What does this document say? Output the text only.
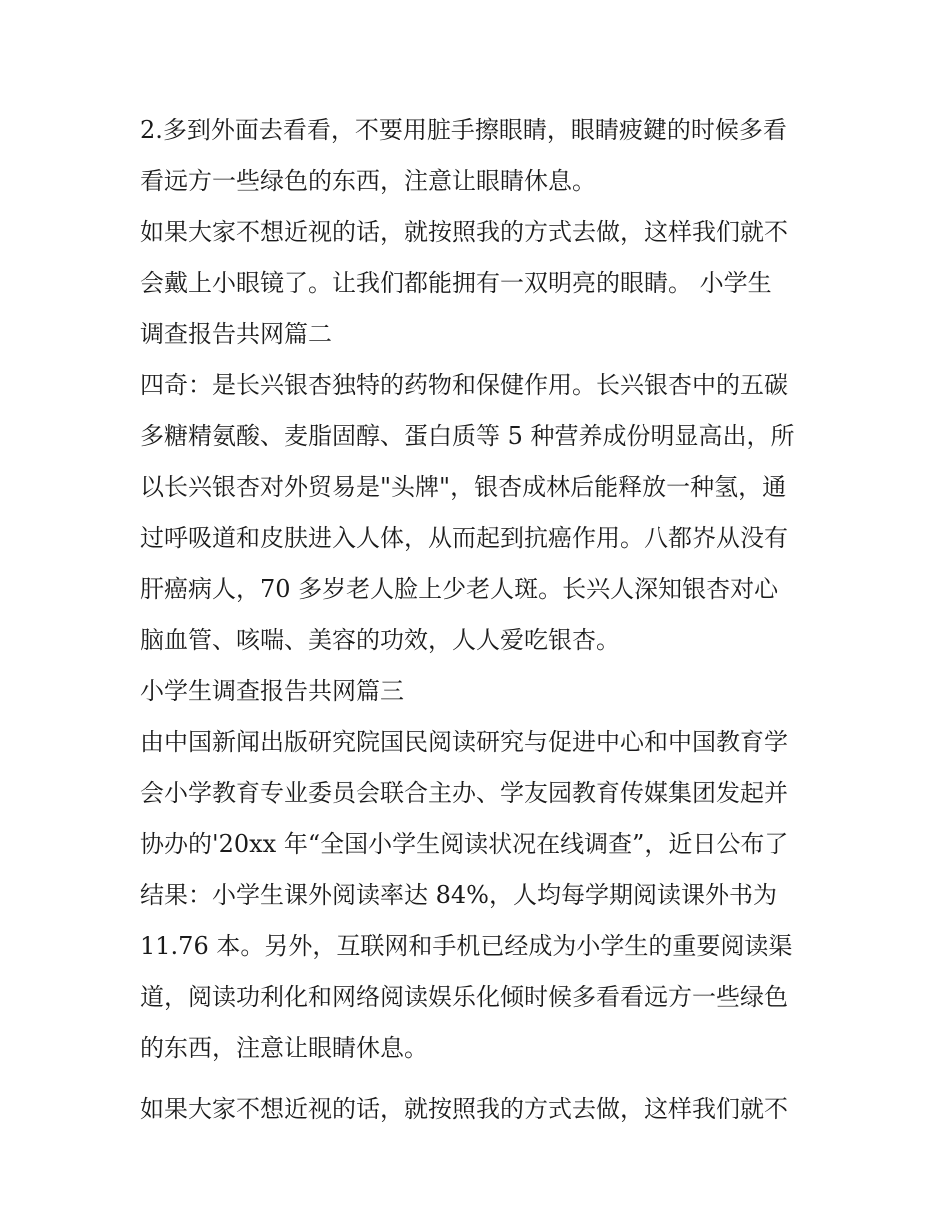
2.多到外面去看看，不要用脏手擦眼睛，眼睛疲鍵的时候多看
看远方一些绿色的东西，注意让眼睛休息。
如果大家不想近视的话，就按照我的方式去做，这样我们就不
会戴上小眼镜了。让我们都能拥有一双明亮的眼睛。 小学生
调查报告共网篇二
四奇：是长兴银杏独特的药物和保健作用。长兴银杏中的五碳
多糖精氨酸、麦脂固醇、蛋白质等 5 种营养成份明显高出，所
以长兴银杏对外贸易是"头牌"，银杏成林后能释放一种氢，通
过呼吸道和皮肤进入人体，从而起到抗癌作用。八都岕从没有
肝癌病人，70 多岁老人脸上少老人斑。长兴人深知银杏对心
脑血管、咳喘、美容的功效，人人爱吃银杏。
小学生调查报告共网篇三
由中国新闻出版研究院国民阅读研究与促进中心和中国教育学
会小学教育专业委员会联合主办、学友园教育传媒集团发起并
协办的'20xx 年“全国小学生阅读状况在线调查”，近日公布了
结果：小学生课外阅读率达 84%，人均每学期阅读课外书为
11.76 本。另外，互联网和手机已经成为小学生的重要阅读渠
道，阅读功利化和网络阅读娱乐化倾时候多看看远方一些绿色
的东西，注意让眼睛休息。
如果大家不想近视的话，就按照我的方式去做，这样我们就不
